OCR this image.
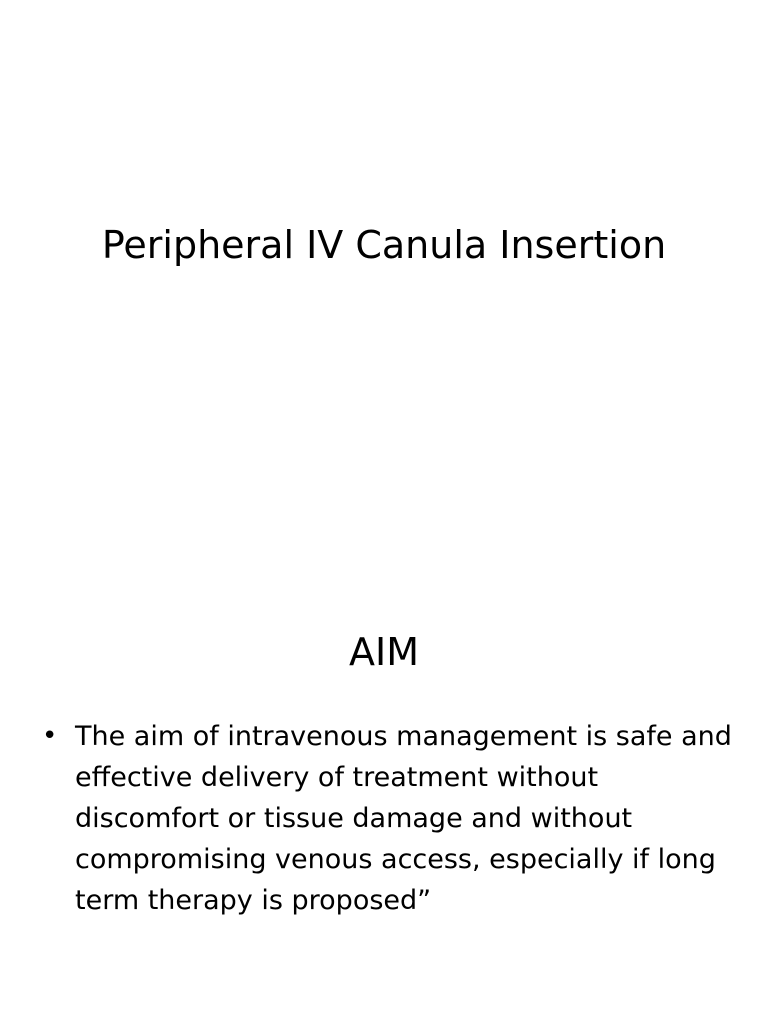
Peripheral IV Canula Insertion
AIM
• The aim of intravenous management is safe and effective delivery of treatment without discomfort or tissue damage and without compromising venous access, especially if long term therapy is proposed”
